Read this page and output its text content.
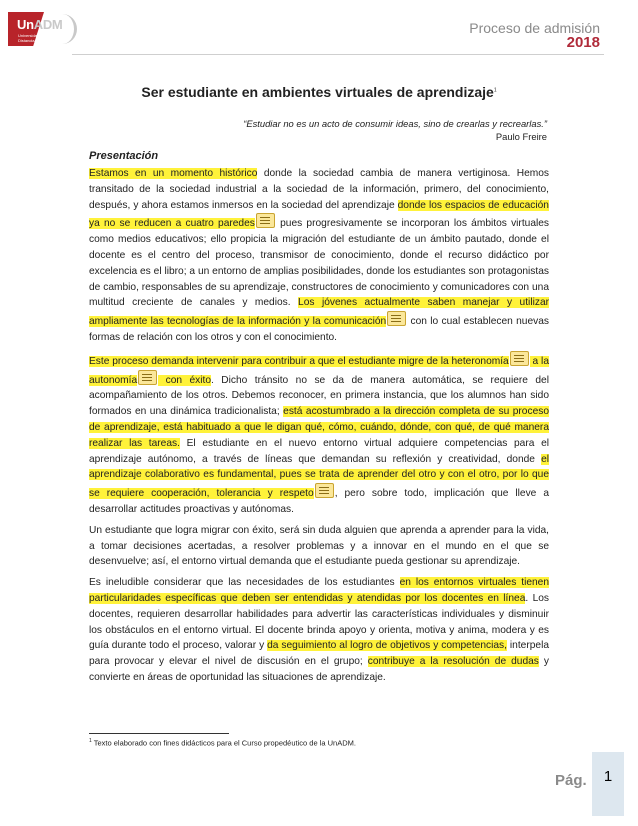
UnADM
Universidad Abierta y a Distancia de México
Proceso de admisión
2018
Ser estudiante en ambientes virtuales de aprendizaje$^1$
“Estudiar no es un acto de consumir ideas, sino de crearlas y recrearlas.”
Paulo Freire
Presentación

Estamos en un momento histórico donde la sociedad cambia de manera vertiginosa. Hemos transitado de la sociedad industrial a la sociedad de la información, primero, del conocimiento, después, y ahora estamos inmersos en la sociedad del aprendizaje donde los espacios de educación ya no se reducen a cuatro paredes pues progresivamente se incorporan los ámbitos virtuales como medios educativos; ello propicia la migración del estudiante de un ámbito pautado, donde el docente es el centro del proceso, transmisor de conocimiento, donde el recurso didáctico por excelencia es el libro; a un entorno de amplias posibilidades, donde los estudiantes son protagonistas de cambio, responsables de su aprendizaje, constructores de conocimiento y comunicadores con una multitud creciente de canales y medios. Los jóvenes actualmente saben manejar y utilizar ampliamente las tecnologías de la información y la comunicación con lo cual establecen nuevas formas de relación con los otros y con el conocimiento.

Este proceso demanda intervenir para contribuir a que el estudiante migre de la heteronomía a la autonomía con éxito. Dicho tránsito no se da de manera automática, se requiere del acompañamiento de los otros. Debemos reconocer, en primera instancia, que los alumnos han sido formados en una dinámica tradicionalista; está acostumbrado a la dirección completa de su proceso de aprendizaje, está habituado a que le digan qué, cómo, cuándo, dónde, con qué, de qué manera realizar las tareas. El estudiante en el nuevo entorno virtual adquiere competencias para el aprendizaje autónomo, a través de líneas que demandan su reflexión y creatividad, donde el aprendizaje colaborativo es fundamental, pues se trata de aprender del otro y con el otro, por lo que se requiere cooperación, tolerancia y respeto , pero sobre todo, implicación que lleve a desarrollar actitudes proactivas y autónomas.

Un estudiante que logra migrar con éxito, será sin duda alguien que aprenda a aprender para la vida, a tomar decisiones acertadas, a resolver problemas y a innovar en el mundo en el que se desenvuelve; así, el entorno virtual demanda que el estudiante pueda gestionar su aprendizaje.

Es ineludible considerar que las necesidades de los estudiantes en los entornos virtuales tienen particularidades específicas que deben ser entendidas y atendidas por los docentes en línea. Los docentes, requieren desarrollar habilidades para advertir las características individuales y disminuir los obstáculos en el entorno virtual. El docente brinda apoyo y orienta, motiva y anima, modera y es guía durante todo el proceso, valorar y da seguimiento al logro de objetivos y competencias, interpela para provocar y elevar el nivel de discusión en el grupo; contribuye a la resolución de dudas y convierte en áreas de oportunidad las situaciones de aprendizaje.

$^1$ Texto elaborado con fines didácticos para el Curso propedéutico de la UnADM.
Pág.	1
